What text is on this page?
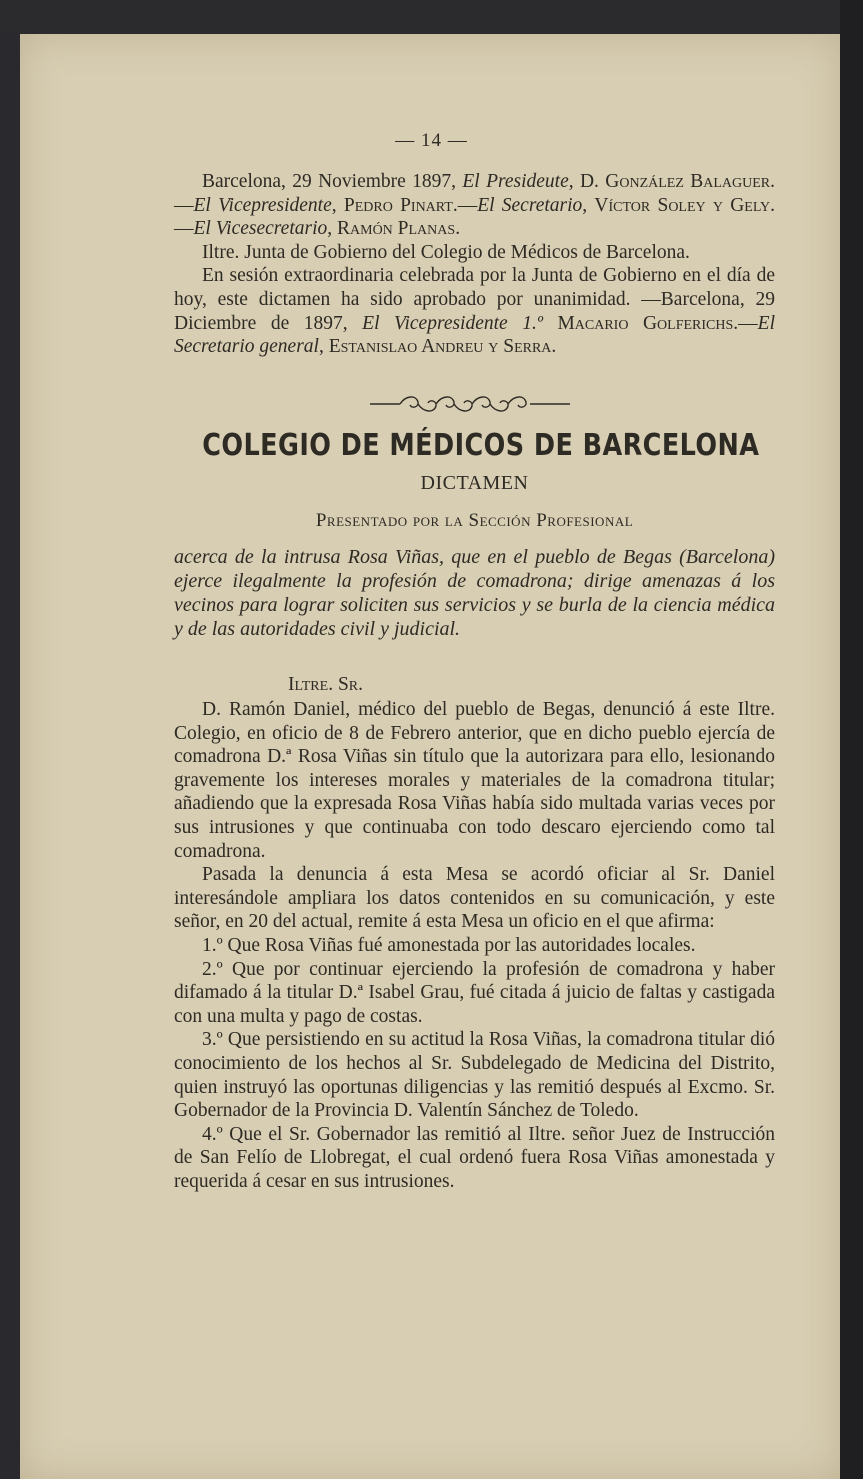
— 14 —

Barcelona, 29 Noviembre 1897, El Presideute, D. González Balaguer.—El Vicepresidente, Pedro Pinart.—El Secretario, Víctor Soley y Gely.—El Vicesecretario, Ramón Planas.

Iltre. Junta de Gobierno del Colegio de Médicos de Barcelona.

En sesión extraordinaria celebrada por la Junta de Gobierno en el día de hoy, este dictamen ha sido aprobado por unanimidad. —Barcelona, 29 Diciembre de 1897, El Vicepresidente 1.º Macario Golferichs.—El Secretario general, Estanislao Andreu y Serra.

COLEGIO DE MÉDICOS DE BARCELONA
DICTAMEN
Presentado por la Sección Profesional

acerca de la intrusa Rosa Viñas, que en el pueblo de Begas (Barcelona) ejerce ilegalmente la profesión de comadrona; dirige amenazas á los vecinos para lograr soliciten sus servicios y se burla de la ciencia médica y de las autoridades civil y judicial.

Iltre. Sr.

D. Ramón Daniel, médico del pueblo de Begas, denunció á este Iltre. Colegio, en oficio de 8 de Febrero anterior, que en dicho pueblo ejercía de comadrona D.ª Rosa Viñas sin título que la autorizara para ello, lesionando gravemente los intereses morales y materiales de la comadrona titular; añadiendo que la expresada Rosa Viñas había sido multada varias veces por sus intrusiones y que continuaba con todo descaro ejerciendo como tal comadrona.

Pasada la denuncia á esta Mesa se acordó oficiar al Sr. Daniel interesándole ampliara los datos contenidos en su comunicación, y este señor, en 20 del actual, remite á esta Mesa un oficio en el que afirma:

1.º Que Rosa Viñas fué amonestada por las autoridades locales.

2.º Que por continuar ejerciendo la profesión de comadrona y haber difamado á la titular D.ª Isabel Grau, fué citada á juicio de faltas y castigada con una multa y pago de costas.

3.º Que persistiendo en su actitud la Rosa Viñas, la comadrona titular dió conocimiento de los hechos al Sr. Subdelegado de Medicina del Distrito, quien instruyó las oportunas diligencias y las remitió después al Excmo. Sr. Gobernador de la Provincia D. Valentín Sánchez de Toledo.

4.º Que el Sr. Gobernador las remitió al Iltre. señor Juez de Instrucción de San Felío de Llobregat, el cual ordenó fuera Rosa Viñas amonestada y requerida á cesar en sus intrusiones.
